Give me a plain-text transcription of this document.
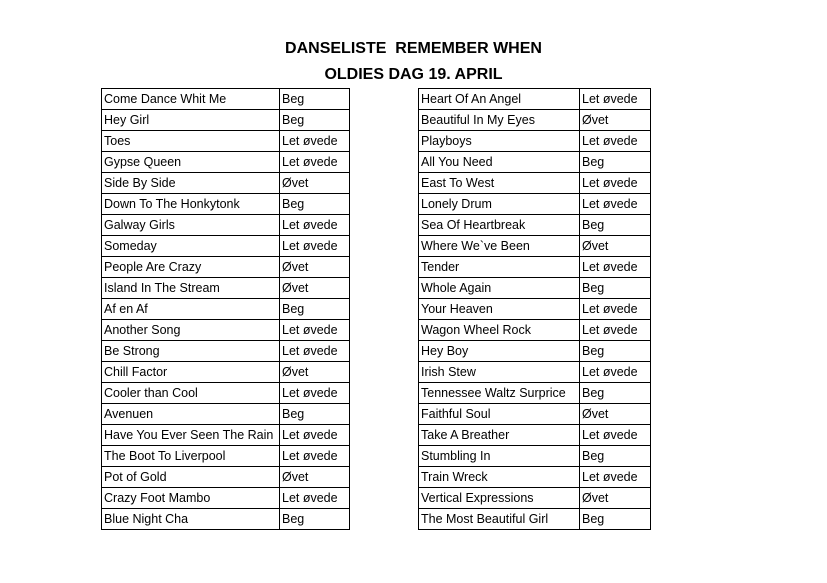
DANSELISTE  REMEMBER WHEN
OLDIES DAG 19. APRIL
Come Dance Whit Me	Beg
Hey Girl	Beg
Toes	Let øvede
Gypse Queen	Let øvede
Side By Side	Øvet
Down To The Honkytonk	Beg
Galway Girls	Let øvede
Someday	Let øvede
People Are Crazy	Øvet
Island In The Stream	Øvet
Af en Af	Beg
Another Song	Let øvede
Be Strong	Let øvede
Chill Factor	Øvet
Cooler than Cool	Let øvede
Avenuen	Beg
Have You Ever Seen The Rain	Let øvede
The Boot To Liverpool	Let øvede
Pot of Gold	Øvet
Crazy Foot Mambo	Let øvede
Blue Night Cha	Beg
Heart Of An Angel	Let øvede
Beautiful In My Eyes	Øvet
Playboys	Let øvede
All You Need	Beg
East To West	Let øvede
Lonely Drum	Let øvede
Sea Of Heartbreak	Beg
Where We`ve Been	Øvet
Tender	Let øvede
Whole Again	Beg
Your Heaven	Let øvede
Wagon Wheel Rock	Let øvede
Hey Boy	Beg
Irish Stew	Let øvede
Tennessee Waltz Surprice	Beg
Faithful Soul	Øvet
Take A Breather	Let øvede
Stumbling In	Beg
Train Wreck	Let øvede
Vertical Expressions	Øvet
The Most Beautiful Girl	Beg
